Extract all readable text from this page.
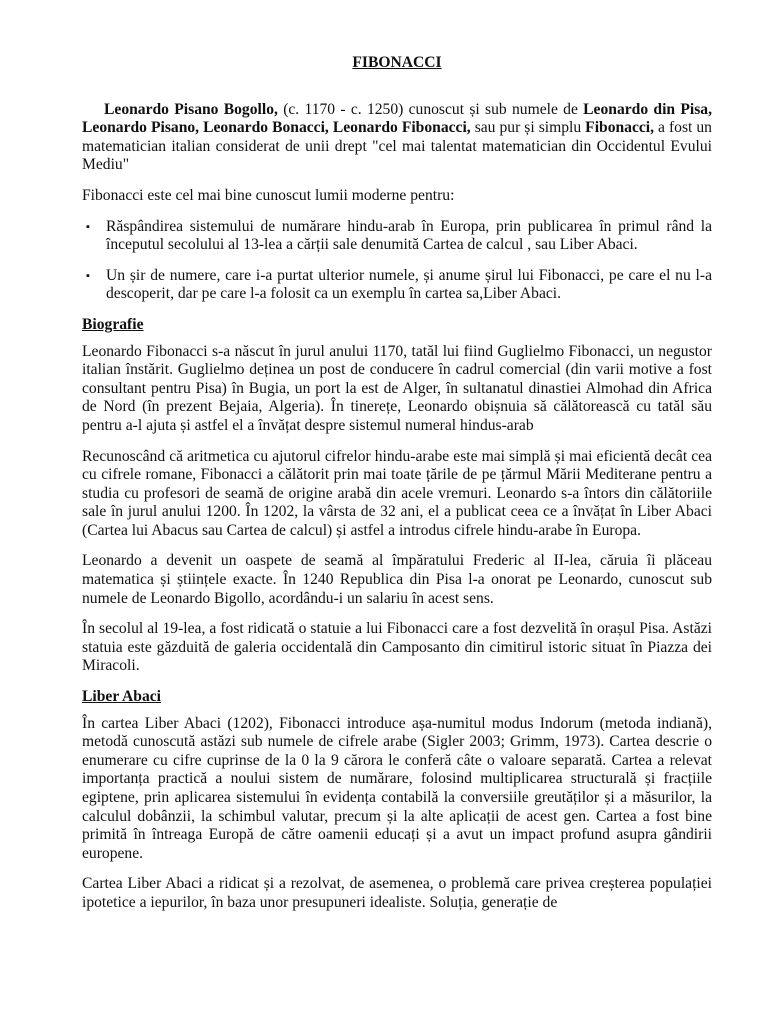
FIBONACCI

Leonardo Pisano Bogollo, (c. 1170 - c. 1250) cunoscut și sub numele de Leonardo din Pisa, Leonardo Pisano, Leonardo Bonacci, Leonardo Fibonacci, sau pur și simplu Fibonacci, a fost un matematician italian considerat de unii drept "cel mai talentat matematician din Occidentul Evului Mediu"

Fibonacci este cel mai bine cunoscut lumii moderne pentru:

▪ Răspândirea sistemului de numărare hindu-arab în Europa, prin publicarea în primul rând la începutul secolului al 13-lea a cărții sale denumită Cartea de calcul , sau Liber Abaci.
▪ Un șir de numere, care i-a purtat ulterior numele, și anume șirul lui Fibonacci, pe care el nu l-a descoperit, dar pe care l-a folosit ca un exemplu în cartea sa,Liber Abaci.
Biografie

Leonardo Fibonacci s-a născut în jurul anului 1170, tatăl lui fiind Guglielmo Fibonacci, un negustor italian înstărit. Guglielmo deținea un post de conducere în cadrul comercial (din varii motive a fost consultant pentru Pisa) în Bugia, un port la est de Alger, în sultanatul dinastiei Almohad din Africa de Nord (în prezent Bejaia, Algeria). În tinerețe, Leonardo obișnuia să călătorească cu tatăl său pentru a-l ajuta și astfel el a învățat despre sistemul numeral hindus-arab

Recunoscând că aritmetica cu ajutorul cifrelor hindu-arabe este mai simplă și mai eficientă decât cea cu cifrele romane, Fibonacci a călătorit prin mai toate țările de pe țărmul Mării Mediterane pentru a studia cu profesori de seamă de origine arabă din acele vremuri. Leonardo s-a întors din călătoriile sale în jurul anului 1200. În 1202, la vârsta de 32 ani, el a publicat ceea ce a învățat în Liber Abaci (Cartea lui Abacus sau Cartea de calcul) și astfel a introdus cifrele hindu-arabe în Europa.

Leonardo a devenit un oaspete de seamă al împăratului Frederic al II-lea, căruia îi plăceau matematica și științele exacte. În 1240 Republica din Pisa l-a onorat pe Leonardo, cunoscut sub numele de Leonardo Bigollo, acordându-i un salariu în acest sens.

În secolul al 19-lea, a fost ridicată o statuie a lui Fibonacci care a fost dezvelită în orașul Pisa. Astăzi statuia este găzduită de galeria occidentală din Camposanto din cimitirul istoric situat în Piazza dei Miracoli.

Liber Abaci

În cartea Liber Abaci (1202), Fibonacci introduce așa-numitul modus Indorum (metoda indiană), metodă cunoscută astăzi sub numele de cifrele arabe (Sigler 2003; Grimm, 1973). Cartea descrie o enumerare cu cifre cuprinse de la 0 la 9 cărora le conferă câte o valoare separată. Cartea a relevat importanța practică a noului sistem de numărare, folosind multiplicarea structurală și fracțiile egiptene, prin aplicarea sistemului în evidența contabilă la conversiile greutăților și a măsurilor, la calculul dobânzii, la schimbul valutar, precum și la alte aplicații de acest gen. Cartea a fost bine primită în întreaga Europă de către oamenii educați și a avut un impact profund asupra gândirii europene.

Cartea Liber Abaci a ridicat și a rezolvat, de asemenea, o problemă care privea creșterea populației ipotetice a iepurilor, în baza unor presupuneri idealiste. Soluția, generație de
